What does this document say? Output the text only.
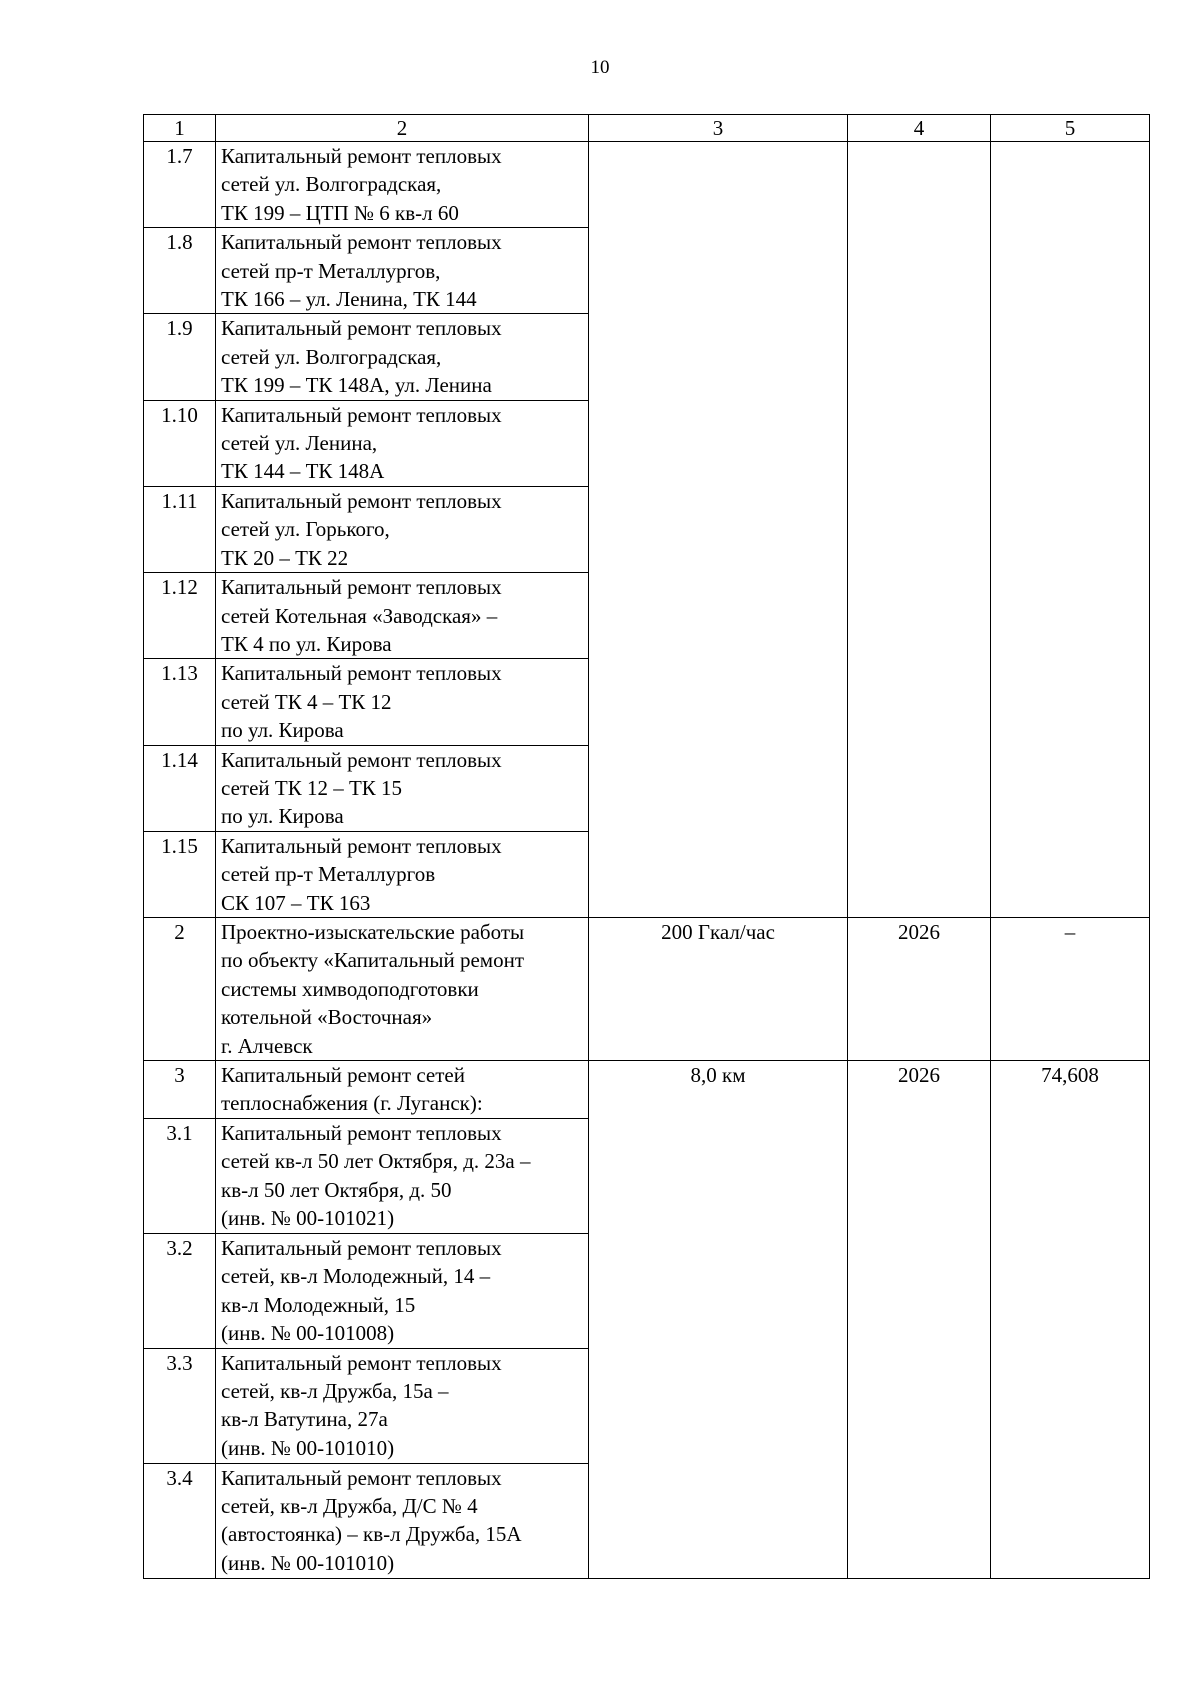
10
1	2	3	4	5
1.7	Капитальный ремонт тепловых
сетей ул. Волгоградская,
ТК 199 – ЦТП № 6 кв-л 60			
1.8	Капитальный ремонт тепловых
сетей пр-т Металлургов,
ТК 166 – ул. Ленина, ТК 144			
1.9	Капитальный ремонт тепловых
сетей ул. Волгоградская,
ТК 199 – ТК 148А, ул. Ленина			
1.10	Капитальный ремонт тепловых
сетей ул. Ленина,
ТК 144 – ТК 148А			
1.11	Капитальный ремонт тепловых
сетей ул. Горького,
ТК 20 – ТК 22			
1.12	Капитальный ремонт тепловых
сетей Котельная «Заводская» –
ТК 4 по ул. Кирова			
1.13	Капитальный ремонт тепловых
сетей ТК 4 – ТК 12
по ул. Кирова			
1.14	Капитальный ремонт тепловых
сетей ТК 12 – ТК 15
по ул. Кирова			
1.15	Капитальный ремонт тепловых
сетей пр-т Металлургов
СК 107 – ТК 163			
2	Проектно-изыскательские работы
по объекту «Капитальный ремонт
системы химводоподготовки
котельной «Восточная»
г. Алчевск	200 Гкал/час	2026	–
3	Капитальный ремонт сетей
теплоснабжения (г. Луганск):	8,0 км	2026	74,608
3.1	Капитальный ремонт тепловых
сетей кв-л 50 лет Октября, д. 23а –
кв-л 50 лет Октября, д. 50
(инв. № 00-101021)			
3.2	Капитальный ремонт тепловых
сетей, кв-л Молодежный, 14 –
кв-л Молодежный, 15
(инв. № 00-101008)			
3.3	Капитальный ремонт тепловых
сетей, кв-л Дружба, 15а –
кв-л Ватутина, 27а
(инв. № 00-101010)			
3.4	Капитальный ремонт тепловых
сетей, кв-л Дружба, Д/С № 4
(автостоянка) – кв-л Дружба, 15А
(инв. № 00-101010)			
